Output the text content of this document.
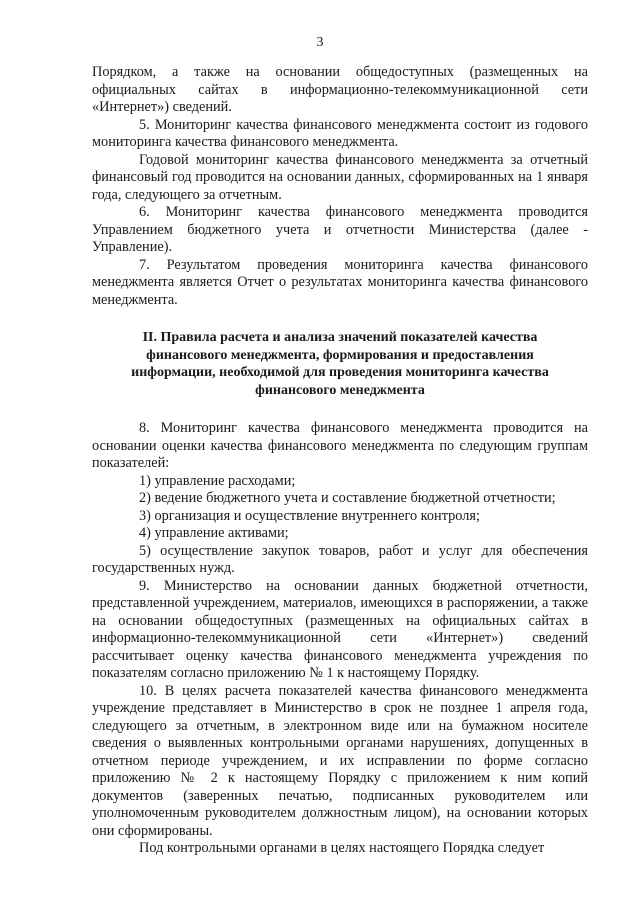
3

Порядком, а также на основании общедоступных (размещенных на официальных сайтах в информационно-телекоммуникационной сети «Интернет») сведений.

5. Мониторинг качества финансового менеджмента состоит из годового мониторинга качества финансового менеджмента.

Годовой мониторинг качества финансового менеджмента за отчетный финансовый год проводится на основании данных, сформированных на 1 января года, следующего за отчетным.

6. Мониторинг качества финансового менеджмента проводится Управлением бюджетного учета и отчетности Министерства (далее - Управление).

7. Результатом проведения мониторинга качества финансового менеджмента является Отчет о результатах мониторинга качества финансового менеджмента.

II. Правила расчета и анализа значений показателей качества финансового менеджмента, формирования и предоставления информации, необходимой для проведения мониторинга качества финансового менеджмента

8. Мониторинг качества финансового менеджмента проводится на основании оценки качества финансового менеджмента по следующим группам показателей:

1) управление расходами;

2) ведение бюджетного учета и составление бюджетной отчетности;

3) организация и осуществление внутреннего контроля;

4) управление активами;

5) осуществление закупок товаров, работ и услуг для обеспечения государственных нужд.

9. Министерство на основании данных бюджетной отчетности, представленной учреждением, материалов, имеющихся в распоряжении, а также на основании общедоступных (размещенных на официальных сайтах в информационно-телекоммуникационной сети «Интернет») сведений рассчитывает оценку качества финансового менеджмента учреждения по показателям согласно приложению № 1 к настоящему Порядку.

10. В целях расчета показателей качества финансового менеджмента учреждение представляет в Министерство в срок не позднее 1 апреля года, следующего за отчетным, в электронном виде или на бумажном носителе сведения о выявленных контрольными органами нарушениях, допущенных в отчетном периоде учреждением, и их исправлении по форме согласно приложению № 2 к настоящему Порядку с приложением к ним копий документов (заверенных печатью, подписанных руководителем или уполномоченным руководителем должностным лицом), на основании которых они сформированы.

Под контрольными органами в целях настоящего Порядка следует
